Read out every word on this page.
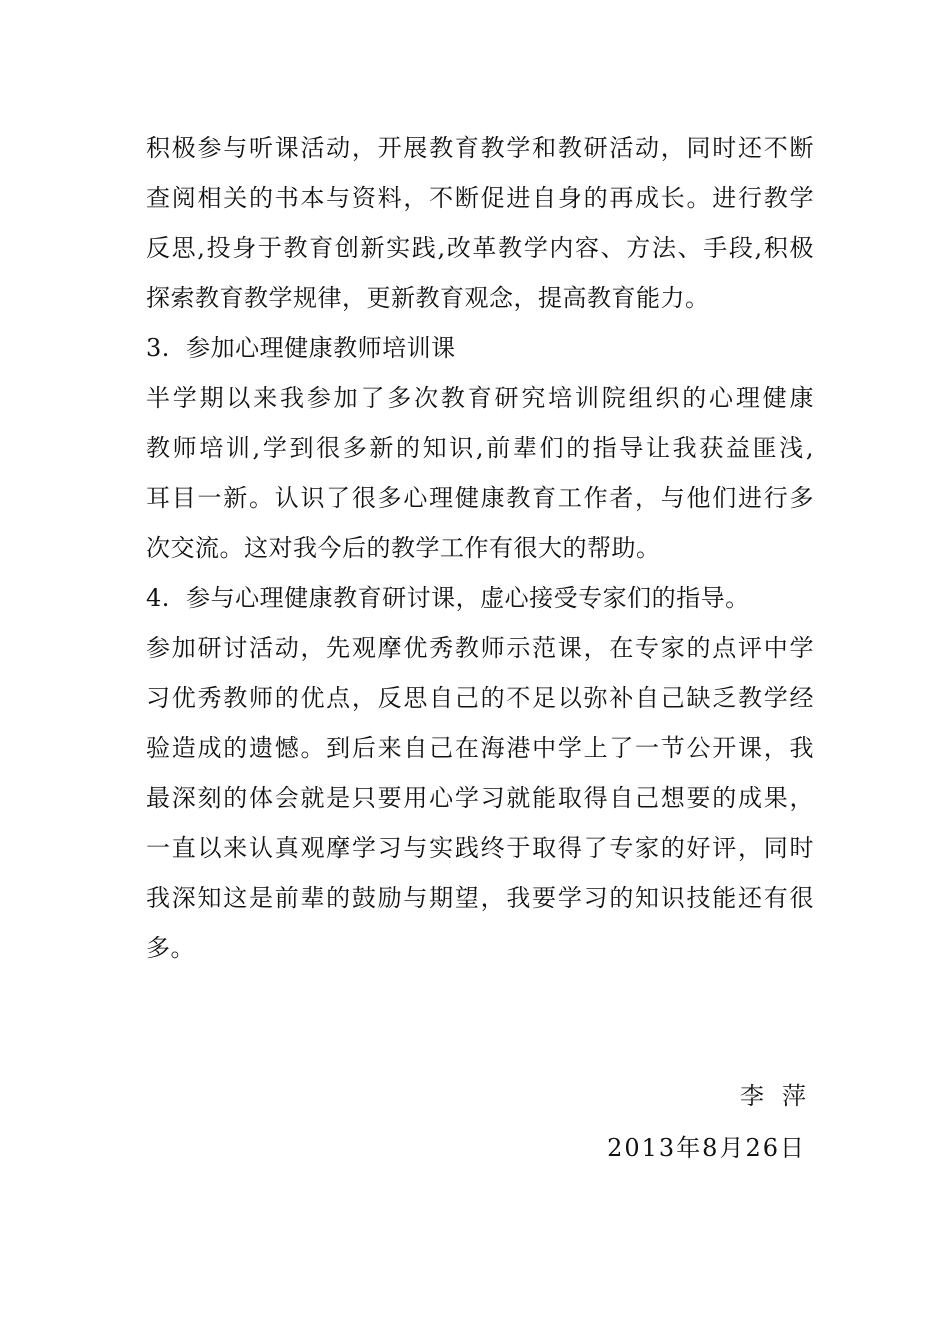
积极参与听课活动，开展教育教学和教研活动，同时还不断
查阅相关的书本与资料，不断促进自身的再成长。进行教学
反思,投身于教育创新实践,改革教学内容、方法、手段,积极
探索教育教学规律，更新教育观念，提高教育能力。
3.  参加心理健康教师培训课
半学期以来我参加了多次教育研究培训院组织的心理健康
教师培训,学到很多新的知识,前辈们的指导让我获益匪浅,
耳目一新。认识了很多心理健康教育工作者，与他们进行多
次交流。这对我今后的教学工作有很大的帮助。
4.  参与心理健康教育研讨课，虚心接受专家们的指导。
参加研讨活动，先观摩优秀教师示范课，在专家的点评中学
习优秀教师的优点，反思自己的不足以弥补自己缺乏教学经
验造成的遗憾。到后来自己在海港中学上了一节公开课，我
最深刻的体会就是只要用心学习就能取得自己想要的成果，
一直以来认真观摩学习与实践终于取得了专家的好评，同时
我深知这是前辈的鼓励与期望，我要学习的知识技能还有很
多。
李萍
2013年8月26日
